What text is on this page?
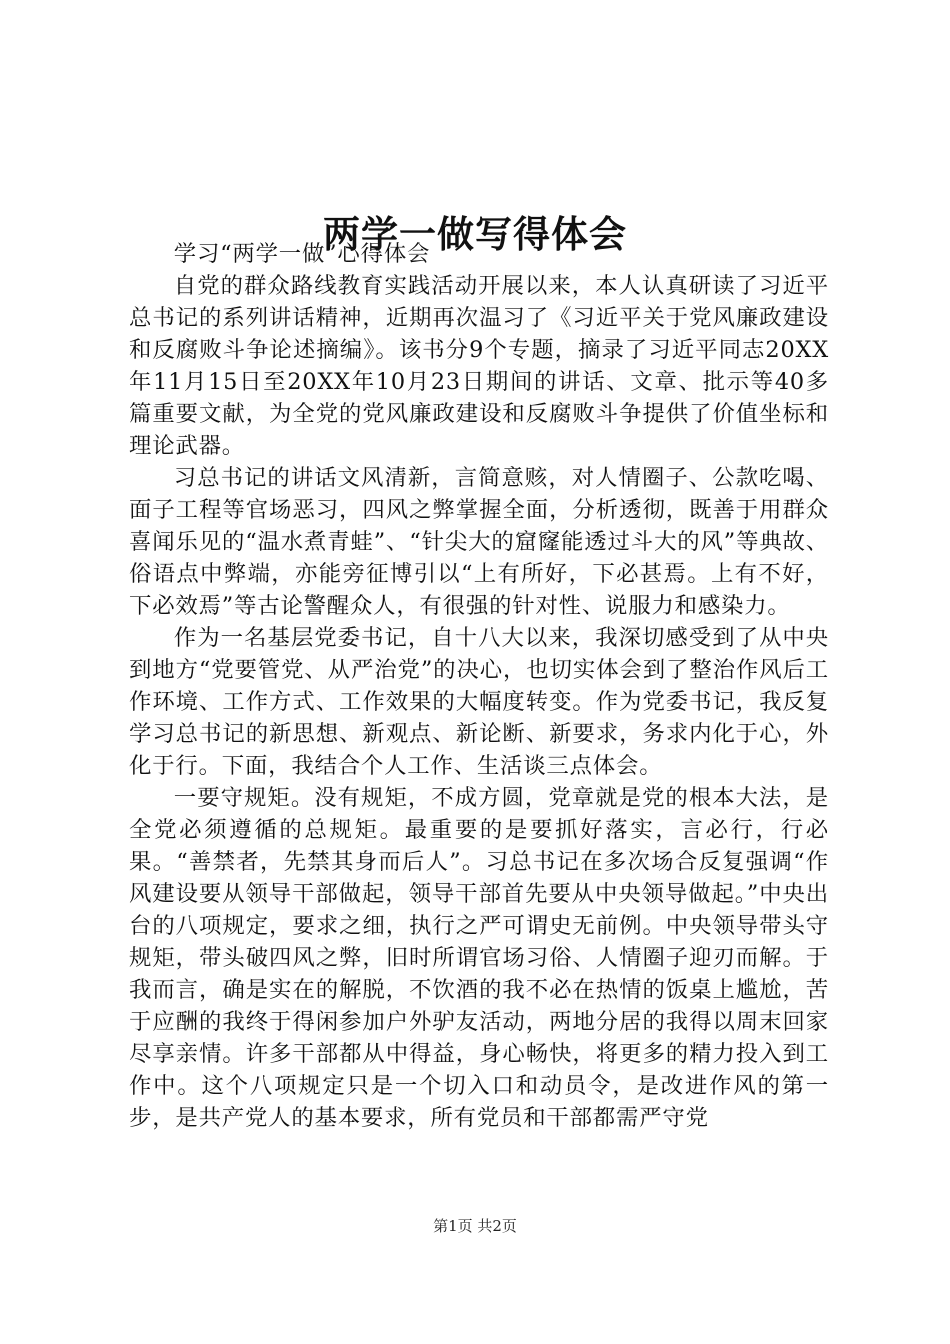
两学一做写得体会

学习“两学一做”心得体会

自党的群众路线教育实践活动开展以来，本人认真研读了习近平总书记的系列讲话精神，近期再次温习了《习近平关于党风廉政建设和反腐败斗争论述摘编》。该书分9个专题，摘录了习近平同志20XX年11月15日至20XX年10月23日期间的讲话、文章、批示等40多篇重要文献，为全党的党风廉政建设和反腐败斗争提供了价值坐标和理论武器。

习总书记的讲话文风清新，言简意赅，对人情圈子、公款吃喝、面子工程等官场恶习，四风之弊掌握全面，分析透彻，既善于用群众喜闻乐见的“温水煮青蛙”、“针尖大的窟窿能透过斗大的风”等典故、俗语点中弊端，亦能旁征博引以“上有所好，下必甚焉。上有不好，下必效焉”等古论警醒众人，有很强的针对性、说服力和感染力。

作为一名基层党委书记，自十八大以来，我深切感受到了从中央到地方“党要管党、从严治党”的决心，也切实体会到了整治作风后工作环境、工作方式、工作效果的大幅度转变。作为党委书记，我反复学习总书记的新思想、新观点、新论断、新要求，务求内化于心，外化于行。下面，我结合个人工作、生活谈三点体会。

一要守规矩。没有规矩，不成方圆，党章就是党的根本大法，是全党必须遵循的总规矩。最重要的是要抓好落实，言必行，行必果。“善禁者，先禁其身而后人”。习总书记在多次场合反复强调“作风建设要从领导干部做起，领导干部首先要从中央领导做起。”中央出台的八项规定，要求之细，执行之严可谓史无前例。中央领导带头守规矩，带头破四风之弊，旧时所谓官场习俗、人情圈子迎刃而解。于我而言，确是实在的解脱，不饮酒的我不必在热情的饭桌上尴尬，苦于应酬的我终于得闲参加户外驴友活动，两地分居的我得以周末回家尽享亲情。许多干部都从中得益，身心畅快，将更多的精力投入到工作中。这个八项规定只是一个切入口和动员令，是改进作风的第一步，是共产党人的基本要求，所有党员和干部都需严守党

第1页 共2页
